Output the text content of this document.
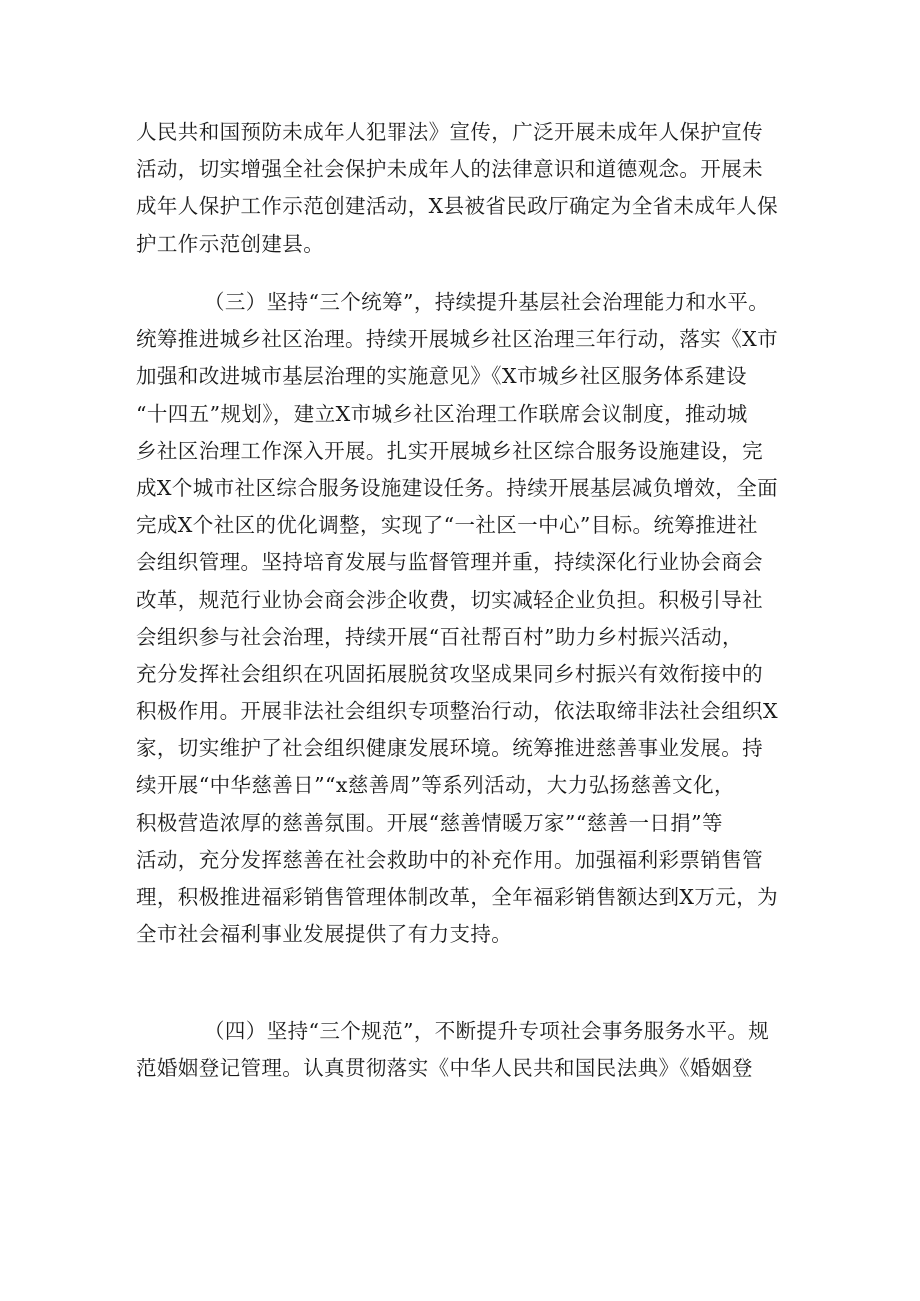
人民共和国预防未成年人犯罪法》宣传，广泛开展未成年人保护宣传
活动，切实增强全社会保护未成年人的法律意识和道德观念。开展未
成年人保护工作示范创建活动，X县被省民政厅确定为全省未成年人保
护工作示范创建县。
（三）坚持“三个统筹”，持续提升基层社会治理能力和水平。
统筹推进城乡社区治理。持续开展城乡社区治理三年行动，落实《X市
加强和改进城市基层治理的实施意见》《X市城乡社区服务体系建设
“十四五”规划》，建立X市城乡社区治理工作联席会议制度，推动城
乡社区治理工作深入开展。扎实开展城乡社区综合服务设施建设，完
成X个城市社区综合服务设施建设任务。持续开展基层减负增效，全面
完成X个社区的优化调整，实现了“一社区一中心”目标。统筹推进社
会组织管理。坚持培育发展与监督管理并重，持续深化行业协会商会
改革，规范行业协会商会涉企收费，切实减轻企业负担。积极引导社
会组织参与社会治理，持续开展“百社帮百村”助力乡村振兴活动，
充分发挥社会组织在巩固拓展脱贫攻坚成果同乡村振兴有效衔接中的
积极作用。开展非法社会组织专项整治行动，依法取缔非法社会组织X
家，切实维护了社会组织健康发展环境。统筹推进慈善事业发展。持
续开展“中华慈善日”“x慈善周”等系列活动，大力弘扬慈善文化，
积极营造浓厚的慈善氛围。开展“慈善情暖万家”“慈善一日捐”等
活动，充分发挥慈善在社会救助中的补充作用。加强福利彩票销售管
理，积极推进福彩销售管理体制改革，全年福彩销售额达到X万元，为
全市社会福利事业发展提供了有力支持。
（四）坚持“三个规范”，不断提升专项社会事务服务水平。规
范婚姻登记管理。认真贯彻落实《中华人民共和国民法典》《婚姻登
